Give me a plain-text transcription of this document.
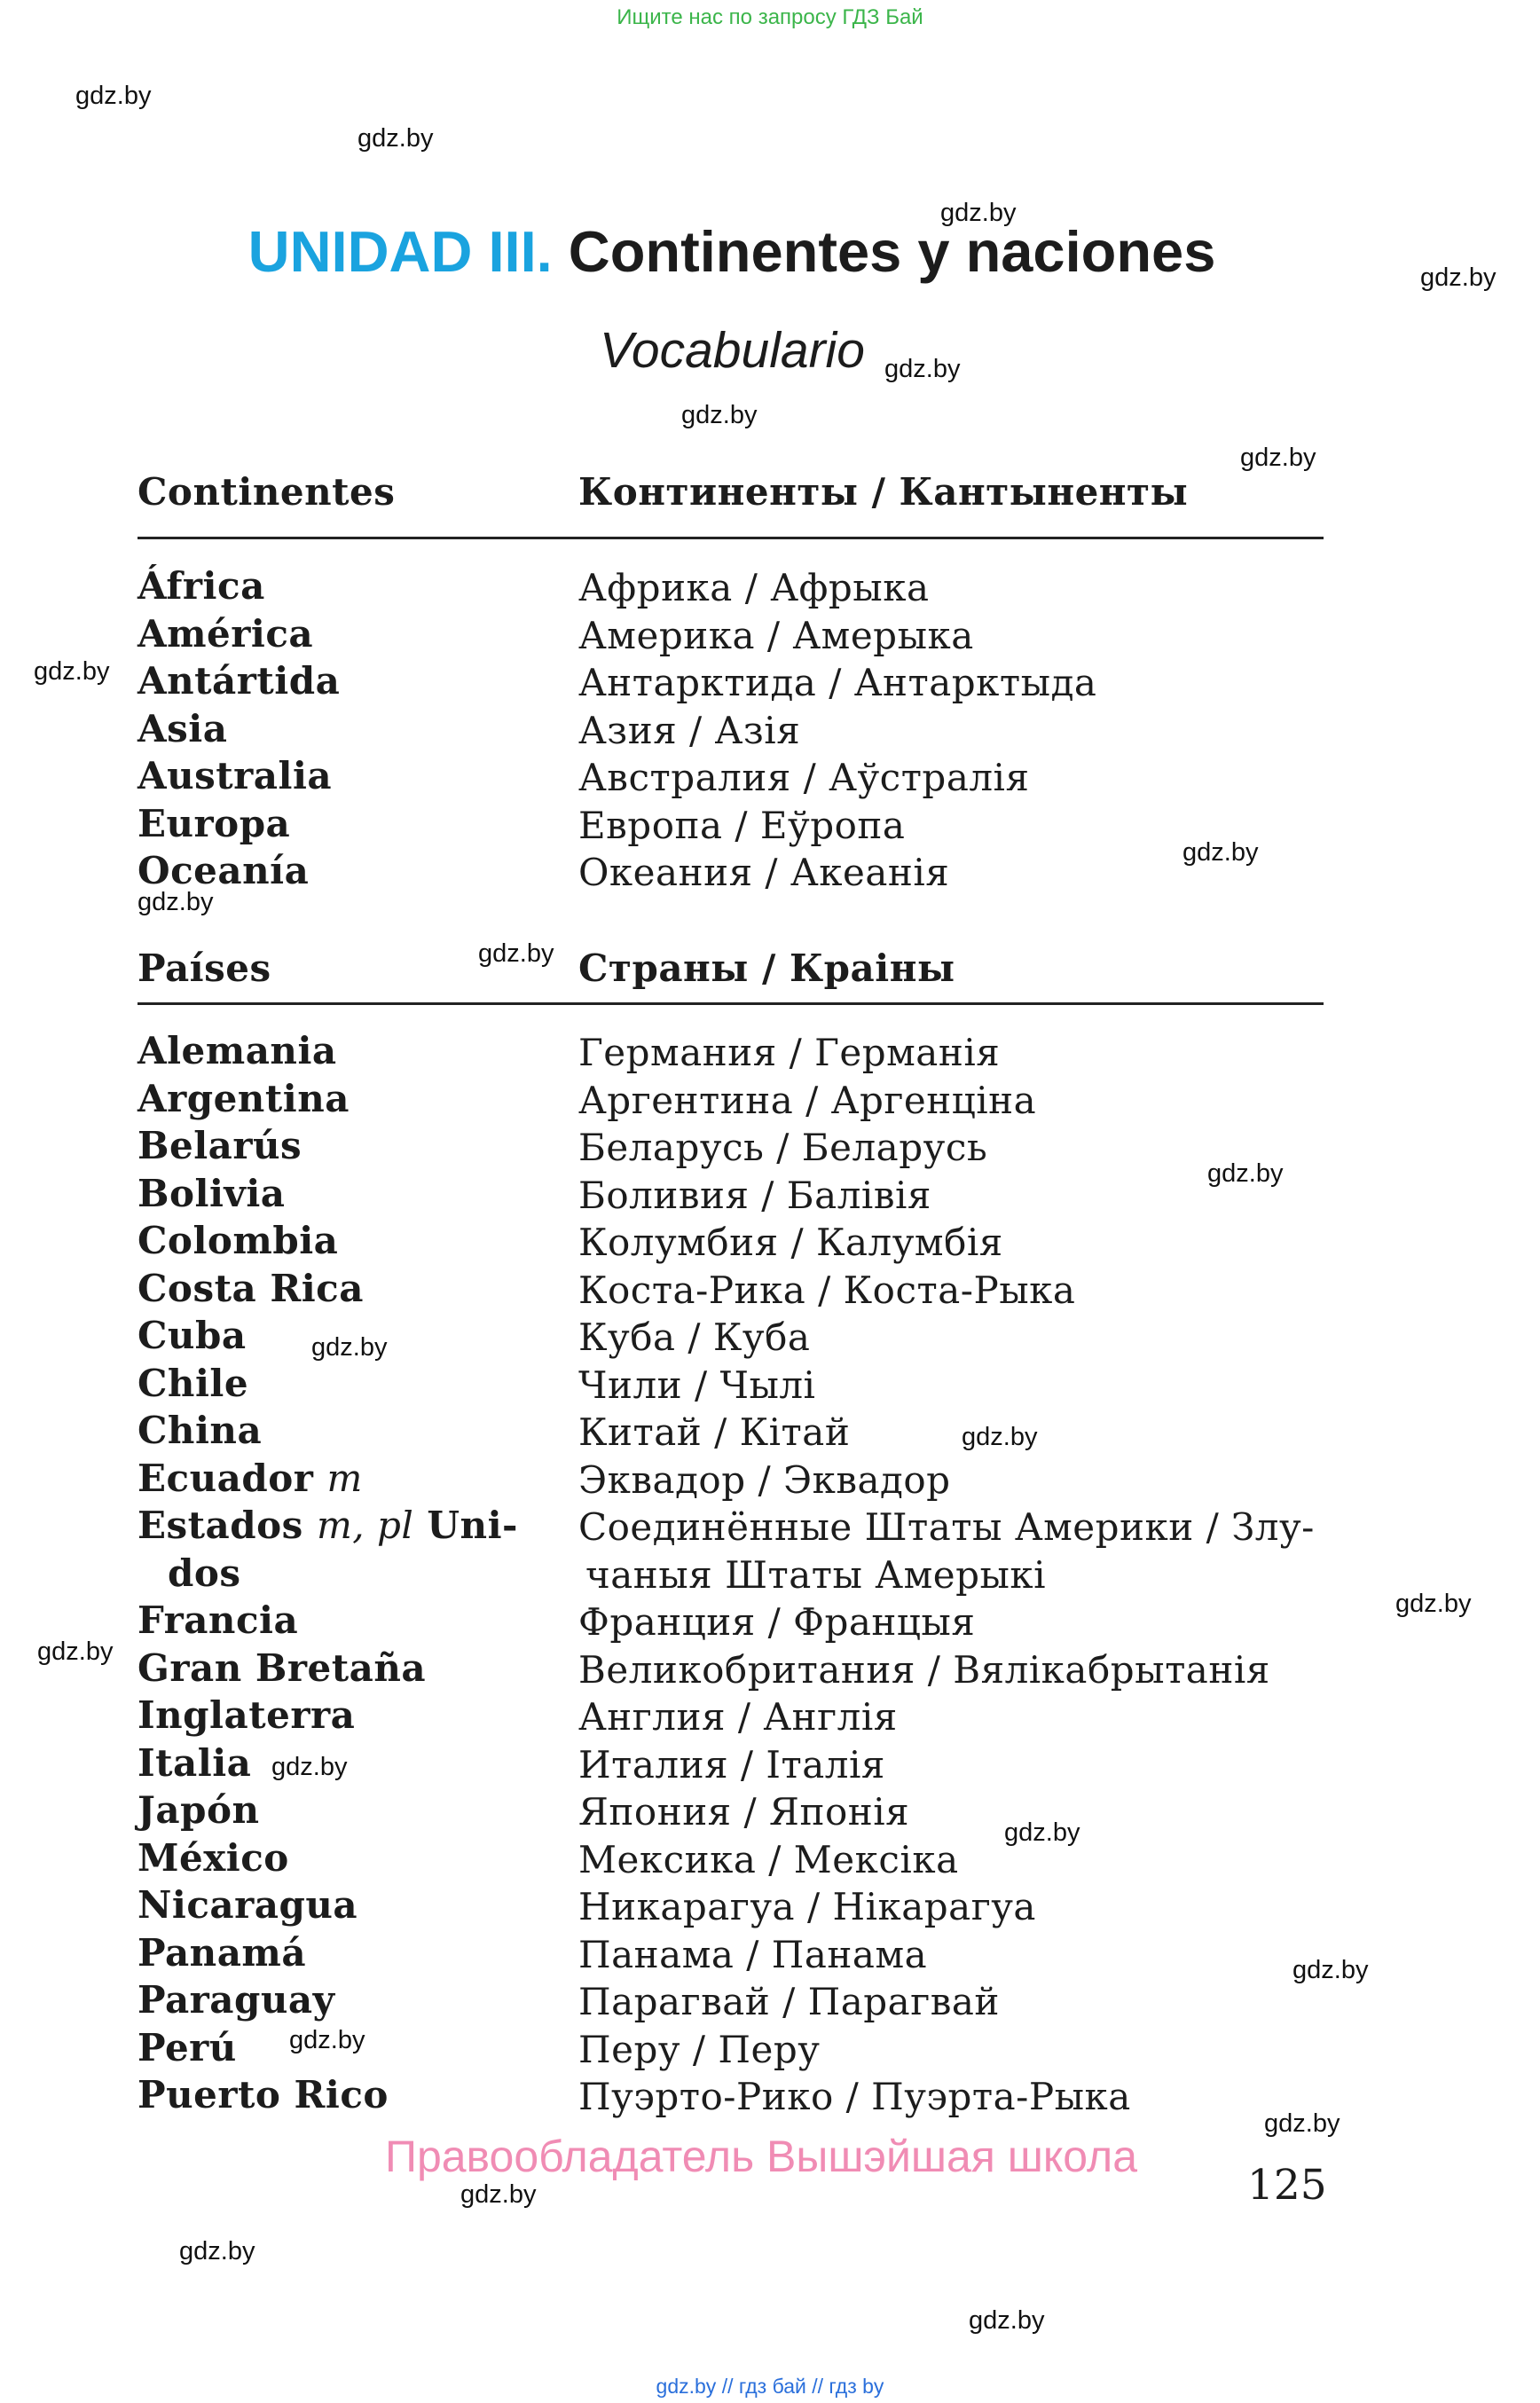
Ищите нас по запросу ГДЗ Бай
gdz.by
gdz.by
gdz.by
gdz.by
gdz.by
gdz.by
gdz.by
gdz.by
gdz.by
gdz.by
gdz.by
gdz.by
gdz.by
gdz.by
gdz.by
gdz.by
gdz.by
gdz.by
gdz.by
gdz.by
gdz.by
gdz.by
gdz.by
gdz.by
UNIDAD III. Continentes y naciones
Vocabulario
Continentes	Континенты / Кантыненты
África
América
Antártida
Asia
Australia
Europa
Oceanía
Африка / Афрыка
Америка / Амерыка
Антарктида / Антарктыда
Азия / Азія
Австралия / Аўстралія
Европа / Еўропа
Океания / Акеанія
Países	Страны / Краіны
Alemania
Argentina
Belarús
Bolivia
Colombia
Costa Rica
Cuba
Chile
China
Ecuador m
Estados m, pl Uni-
dos
Francia
Gran Bretaña
Inglaterra
Italia
Japón
México
Nicaragua
Panamá
Paraguay
Perú
Puerto Rico
Германия / Германія
Аргентина / Аргенціна
Беларусь / Беларусь
Боливия / Балівія
Колумбия / Калумбія
Коста-Рика / Коста-Рыка
Куба / Куба
Чили / Чылі
Китай / Кітай
Эквадор / Эквадор
Соединённые Штаты Америки / Злу-
чаныя Штаты Амерыкі
Франция / Францыя
Великобритания / Вялікабрытанія
Англия / Англія
Италия / Італія
Япония / Японія
Мексика / Мексіка
Никарагуа / Нікарагуа
Панама / Панама
Парагвай / Парагвай
Перу / Перу
Пуэрто-Рико / Пуэрта-Рыка
Правообладатель Вышэйшая школа
125
gdz.by // гдз бай // гдз by
